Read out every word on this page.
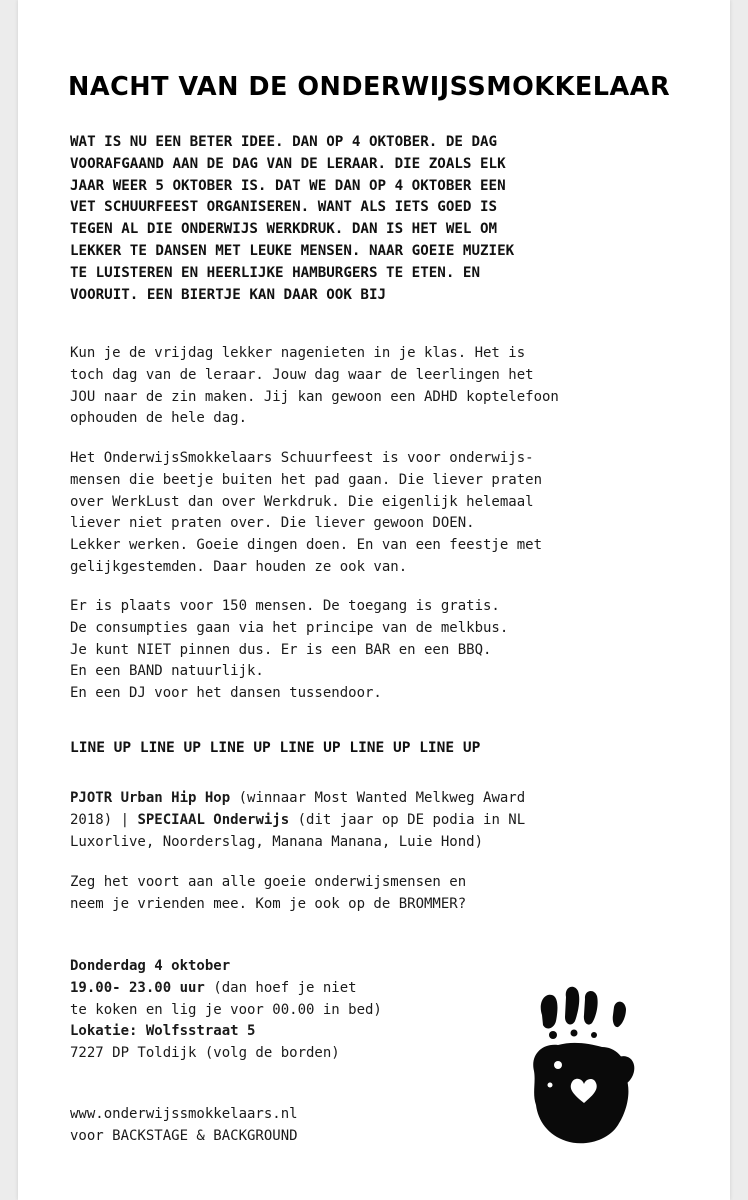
NACHT VAN DE ONDERWIJSSMOKKELAAR
WAT IS NU EEN BETER IDEE. DAN OP 4 OKTOBER. DE DAG
VOORAFGAAND AAN DE DAG VAN DE LERAAR. DIE ZOALS ELK
JAAR WEER 5 OKTOBER IS. DAT WE DAN OP 4 OKTOBER EEN
VET SCHUURFEEST ORGANISEREN. WANT ALS IETS GOED IS
TEGEN AL DIE ONDERWIJS WERKDRUK. DAN IS HET WEL OM
LEKKER TE DANSEN MET LEUKE MENSEN. NAAR GOEIE MUZIEK
TE LUISTEREN EN HEERLIJKE HAMBURGERS TE ETEN. EN
VOORUIT. EEN BIERTJE KAN DAAR OOK BIJ
Kun je de vrijdag lekker nagenieten in je klas. Het is
toch dag van de leraar. Jouw dag waar de leerlingen het
JOU naar de zin maken. Jij kan gewoon een ADHD koptelefoon
ophouden de hele dag.
Het OnderwijsSmokkelaars Schuurfeest is voor onderwijs-
mensen die beetje buiten het pad gaan. Die liever praten
over WerkLust dan over Werkdruk. Die eigenlijk helemaal
liever niet praten over. Die liever gewoon DOEN.
Lekker werken. Goeie dingen doen. En van een feestje met
gelijkgestemden. Daar houden ze ook van.
Er is plaats voor 150 mensen. De toegang is gratis.
De consumpties gaan via het principe van de melkbus.
Je kunt NIET pinnen dus. Er is een BAR en een BBQ.
En een BAND natuurlijk.
En een DJ voor het dansen tussendoor.
LINE UP LINE UP LINE UP LINE UP LINE UP LINE UP
PJOTR Urban Hip Hop (winnaar Most Wanted Melkweg Award
2018) | SPECIAAL Onderwijs (dit jaar op DE podia in NL
Luxorlive, Noorderslag, Manana Manana, Luie Hond)
Zeg het voort aan alle goeie onderwijsmensen en
neem je vrienden mee. Kom je ook op de BROMMER?
Donderdag 4 oktober
19.00- 23.00 uur (dan hoef je niet
te koken en lig je voor 00.00 in bed)
Lokatie: Wolfsstraat 5
7227 DP Toldijk (volg de borden)
www.onderwijssmokkelaars.nl
voor BACKSTAGE & BACKGROUND
